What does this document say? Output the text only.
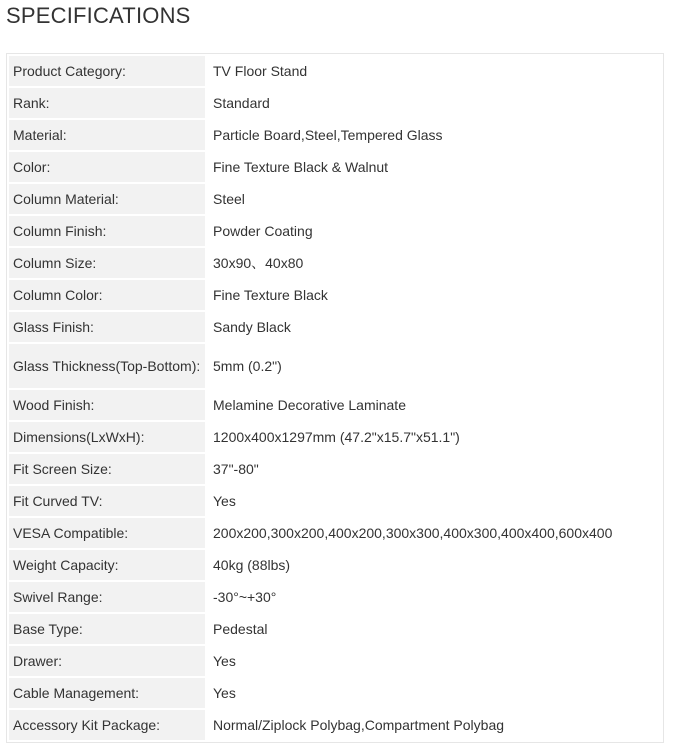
SPECIFICATIONS
Product Category:	TV Floor Stand
Rank:	Standard
Material:	Particle Board,Steel,Tempered Glass
Color:	Fine Texture Black & Walnut
Column Material:	Steel
Column Finish:	Powder Coating
Column Size:	30x90、40x80
Column Color:	Fine Texture Black
Glass Finish:	Sandy Black
Glass Thickness(Top-Bottom):	5mm (0.2")
Wood Finish:	Melamine Decorative Laminate
Dimensions(LxWxH):	1200x400x1297mm (47.2"x15.7"x51.1")
Fit Screen Size:	37"-80"
Fit Curved TV:	Yes
VESA Compatible:	200x200,300x200,400x200,300x300,400x300,400x400,600x400
Weight Capacity:	40kg (88lbs)
Swivel Range:	-30°~+30°
Base Type:	Pedestal
Drawer:	Yes
Cable Management:	Yes
Accessory Kit Package:	Normal/Ziplock Polybag,Compartment Polybag
